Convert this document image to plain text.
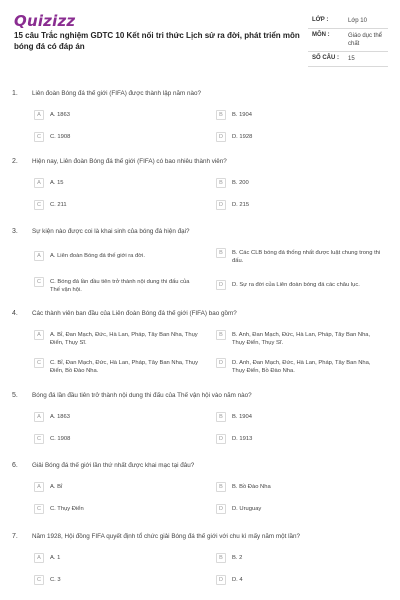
Quizizz
15 câu Trắc nghiệm GDTC 10 Kết nối tri thức Lịch sử ra đời, phát triển môn bóng đá có đáp án
LỚP :	Lớp 10
MÔN :	Giáo dục thể chất
SỐ CÂU : 15
1. Liên đoàn Bóng đá thế giới (FIFA) được thành lập năm nào?
A	A. 1863	B	B. 1904
C	C. 1908	D	D. 1928
2. Hiện nay, Liên đoàn Bóng đá thế giới (FIFA) có bao nhiêu thành viên?
A	A. 15	B	B. 200
C	C. 211	D	D. 215
3. Sự kiện nào được coi là khai sinh của bóng đá hiện đại?
A	A. Liên đoàn Bóng đá thế giới ra đời.	B	B. Các CLB bóng đá thống nhất được luật chung trong thi đấu.
C	C. Bóng đá lần đầu tiên trở thành nội dung thi đấu của Thế vận hội.
D	D. Sự ra đời của Liên đoàn bóng đá các châu lục.
4. Các thành viên ban đầu của Liên đoàn Bóng đá thế giới (FIFA) bao gồm?
A	A. Bỉ, Đan Mạch, Đức, Hà Lan, Pháp, Tây Ban Nha, Thụy Điển, Thụy Sĩ.
B	B. Anh, Đan Mạch, Đức, Hà Lan, Pháp, Tây Ban Nha, Thụy Điển, Thụy Sĩ.
C	C. Bỉ, Đan Mạch, Đức, Hà Lan, Pháp, Tây Ban Nha, Thụy Điển, Bồ Đào Nha.
D	D. Anh, Đan Mạch, Đức, Hà Lan, Pháp, Tây Ban Nha, Thụy Điển, Bồ Đào Nha.
5. Bóng đá lần đầu tiên trở thành nội dung thi đấu của Thế vận hội vào năm nào?
A	A. 1863	B	B. 1904
C	C. 1908	D	D. 1913
6. Giải Bóng đá thế giới lần thứ nhất được khai mạc tại đâu?
A	A. Bỉ	B	B. Bồ Đào Nha
C	C. Thụy Điển	D	D. Uruguay
7. Năm 1928, Hội đồng FIFA quyết định tổ chức giải Bóng đá thế giới với chu kì mấy năm một lần?
A	A. 1	B	B. 2
C	C. 3	D	D. 4
